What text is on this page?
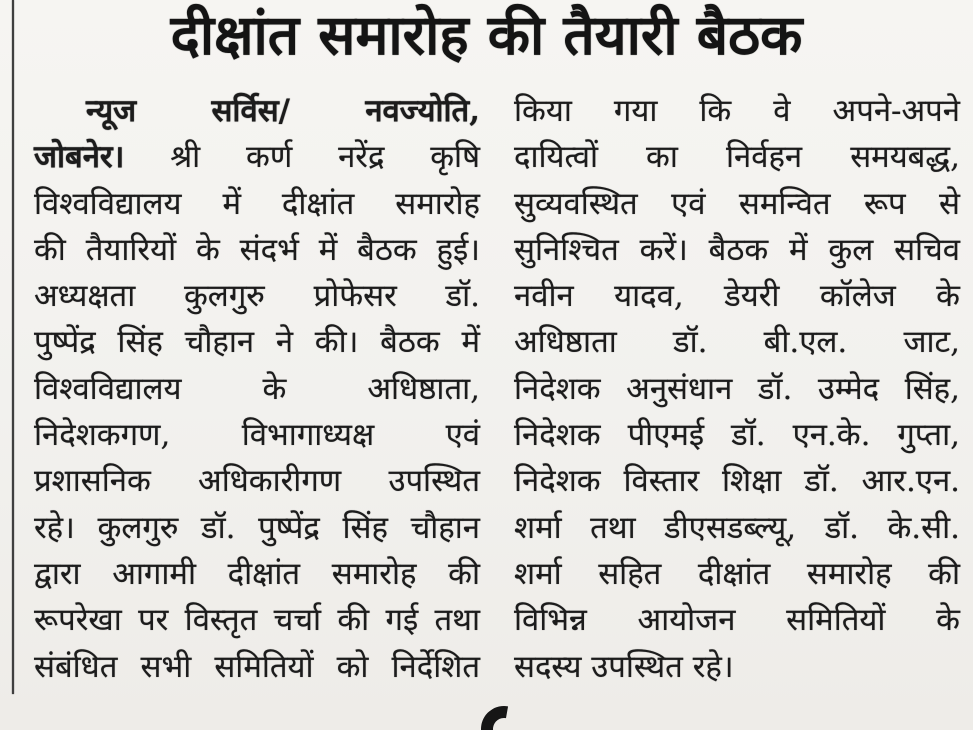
दीक्षांत समारोह की तैयारी बैठक
न्यूज सर्विस/ नवज्योति,
जोबनेर। श्री कर्ण नरेंद्र कृषि
विश्वविद्यालय में दीक्षांत समारोह
की तैयारियों के संदर्भ में बैठक हुई।
अध्यक्षता कुलगुरु प्रोफेसर डॉ.
पुष्पेंद्र सिंह चौहान ने की। बैठक में
विश्वविद्यालय के अधिष्ठाता,
निदेशकगण, विभागाध्यक्ष एवं
प्रशासनिक अधिकारीगण उपस्थित
रहे। कुलगुरु डॉ. पुष्पेंद्र सिंह चौहान
द्वारा आगामी दीक्षांत समारोह की
रूपरेखा पर विस्तृत चर्चा की गई तथा
संबंधित सभी समितियों को निर्देशित
किया गया कि वे अपने-अपने
दायित्वों का निर्वहन समयबद्ध,
सुव्यवस्थित एवं समन्वित रूप से
सुनिश्चित करें। बैठक में कुल सचिव
नवीन यादव, डेयरी कॉलेज के
अधिष्ठाता डॉ. बी.एल. जाट,
निदेशक अनुसंधान डॉ. उम्मेद सिंह,
निदेशक पीएमई डॉ. एन.के. गुप्ता,
निदेशक विस्तार शिक्षा डॉ. आर.एन.
शर्मा तथा डीएसडब्ल्यू, डॉ. के.सी.
शर्मा सहित दीक्षांत समारोह की
विभिन्न आयोजन समितियों के
सदस्य उपस्थित रहे।
